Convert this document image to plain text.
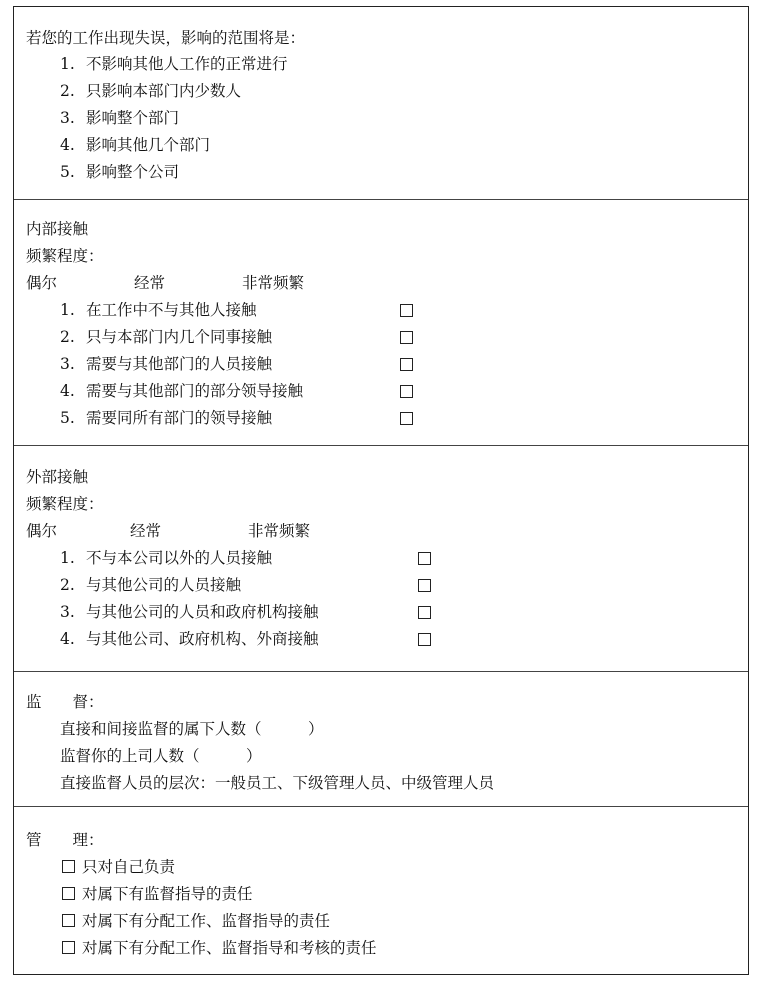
若您的工作出现失误，影响的范围将是：
1. 不影响其他人工作的正常进行
2. 只影响本部门内少数人
3. 影响整个部门
4. 影响其他几个部门
5. 影响整个公司
内部接触
频繁程度：
偶尔	经常	非常频繁
1. 在工作中不与其他人接触
2. 只与本部门内几个同事接触
3. 需要与其他部门的人员接触
4. 需要与其他部门的部分领导接触
5. 需要同所有部门的领导接触
外部接触
频繁程度：
偶尔	经常	非常频繁
1. 不与本公司以外的人员接触
2. 与其他公司的人员接触
3. 与其他公司的人员和政府机构接触
4. 与其他公司、政府机构、外商接触
监　　督：
直接和间接监督的属下人数（　　　）
监督你的上司人数（　　　）
直接监督人员的层次：一般员工、下级管理人员、中级管理人员
管　　理：
只对自己负责
对属下有监督指导的责任
对属下有分配工作、监督指导的责任
对属下有分配工作、监督指导和考核的责任
